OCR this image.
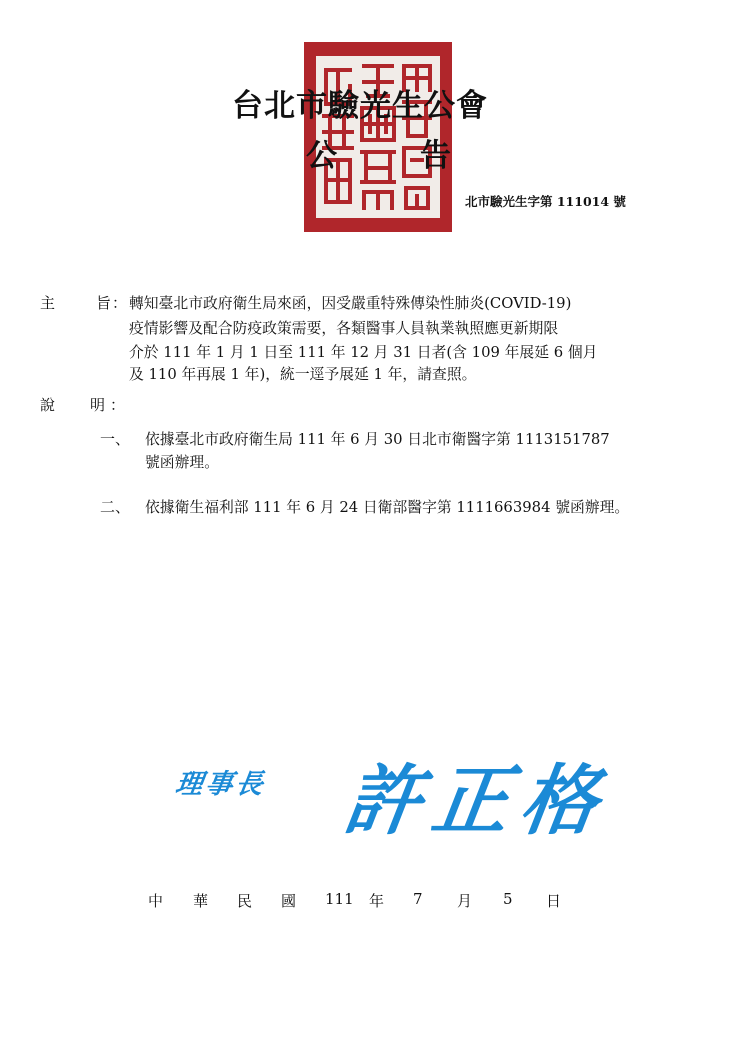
台北市驗光生公會
公	告
北市驗光生字第 111014 號
主	旨 ： 轉知臺北市政府衛生局來函，因受嚴重特殊傳染性肺炎(COVID-19)
疫情影響及配合防疫政策需要，各類醫事人員執業執照應更新期限
介於 111 年 1 月 1 日至 111 年 12 月 31 日者(含 109 年展延 6 個月
及 110 年再展 1 年)，統一逕予展延 1 年，請查照。
說 明 ：
一、 依據臺北市政府衛生局 111 年 6 月 30 日北市衛醫字第 1113151787
號函辦理。
二、 依據衛生福利部 111 年 6 月 24 日衛部醫字第 1111663984 號函辦理。
理事長 許正格
中 華 民 國 111 年 7 月 5 日
